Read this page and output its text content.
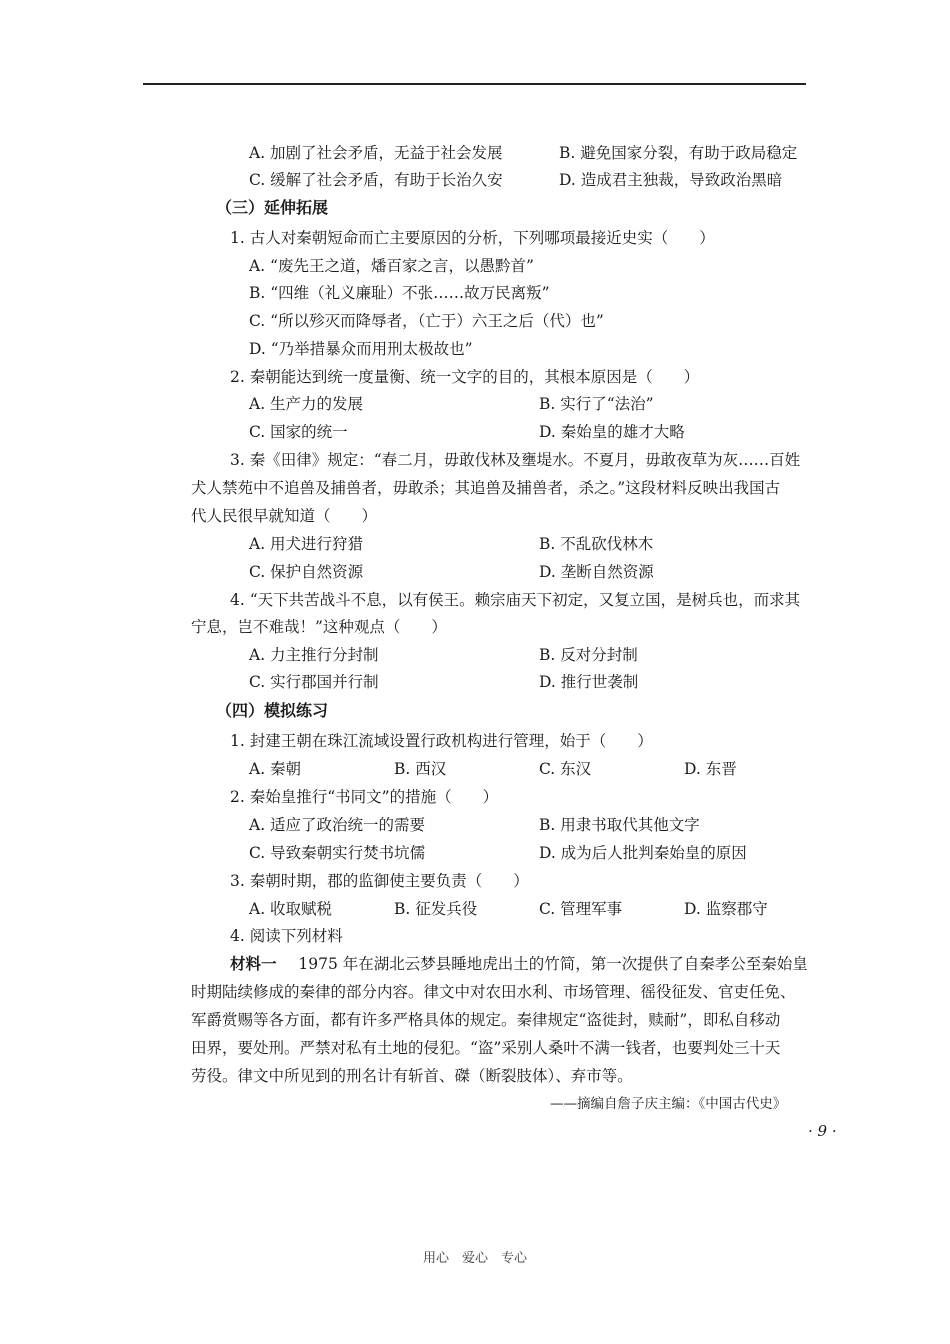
A. 加剧了社会矛盾，无益于社会发展	B. 避免国家分裂，有助于政局稳定
C. 缓解了社会矛盾，有助于长治久安	D. 造成君主独裁，导致政治黑暗
（三）延伸拓展
1. 古人对秦朝短命而亡主要原因的分析，下列哪项最接近史实（　　）
A. “废先王之道，燔百家之言，以愚黔首”
B. “四维（礼义廉耻）不张……故万民离叛”
C. “所以殄灭而降辱者，（亡于）六王之后（代）也”
D. “乃举措暴众而用刑太极故也”
2. 秦朝能达到统一度量衡、统一文字的目的，其根本原因是（　　）
A. 生产力的发展	B. 实行了“法治”
C. 国家的统一	D. 秦始皇的雄才大略
3. 秦《田律》规定：“春二月，毋敢伐林及壅堤水。不夏月，毋敢夜草为灰……百姓
犬人禁苑中不追兽及捕兽者，毋敢杀；其追兽及捕兽者，杀之。”这段材料反映出我国古
代人民很早就知道（　　）
A. 用犬进行狩猎	B. 不乱砍伐林木
C. 保护自然资源	D. 垄断自然资源
4. “天下共苦战斗不息，以有侯王。赖宗庙天下初定，又复立国，是树兵也，而求其
宁息，岂不难哉！”这种观点（　　）
A. 力主推行分封制	B. 反对分封制
C. 实行郡国并行制	D. 推行世袭制
（四）模拟练习
1. 封建王朝在珠江流域设置行政机构进行管理，始于（　　）
A. 秦朝	B. 西汉	C. 东汉	D. 东晋
2. 秦始皇推行“书同文”的措施（　　）
A. 适应了政治统一的需要	B. 用隶书取代其他文字
C. 导致秦朝实行焚书坑儒	D. 成为后人批判秦始皇的原因
3. 秦朝时期，郡的监御使主要负责（　　）
A. 收取赋税	B. 征发兵役	C. 管理军事	D. 监察郡守
4. 阅读下列材料
材料一 1975 年在湖北云梦县睡地虎出土的竹简，第一次提供了自秦孝公至秦始皇
时期陆续修成的秦律的部分内容。律文中对农田水利、市场管理、徭役征发、官吏任免、
军爵赏赐等各方面，都有许多严格具体的规定。秦律规定“盗徙封，赎耐”，即私自移动
田界，要处刑。严禁对私有土地的侵犯。“盗”采别人桑叶不满一钱者，也要判处三十天
劳役。律文中所见到的刑名计有斩首、磔（断裂肢体）、弃市等。
——摘编自詹子庆主编：《中国古代史》
· 9 ·
用心　爱心　专心
